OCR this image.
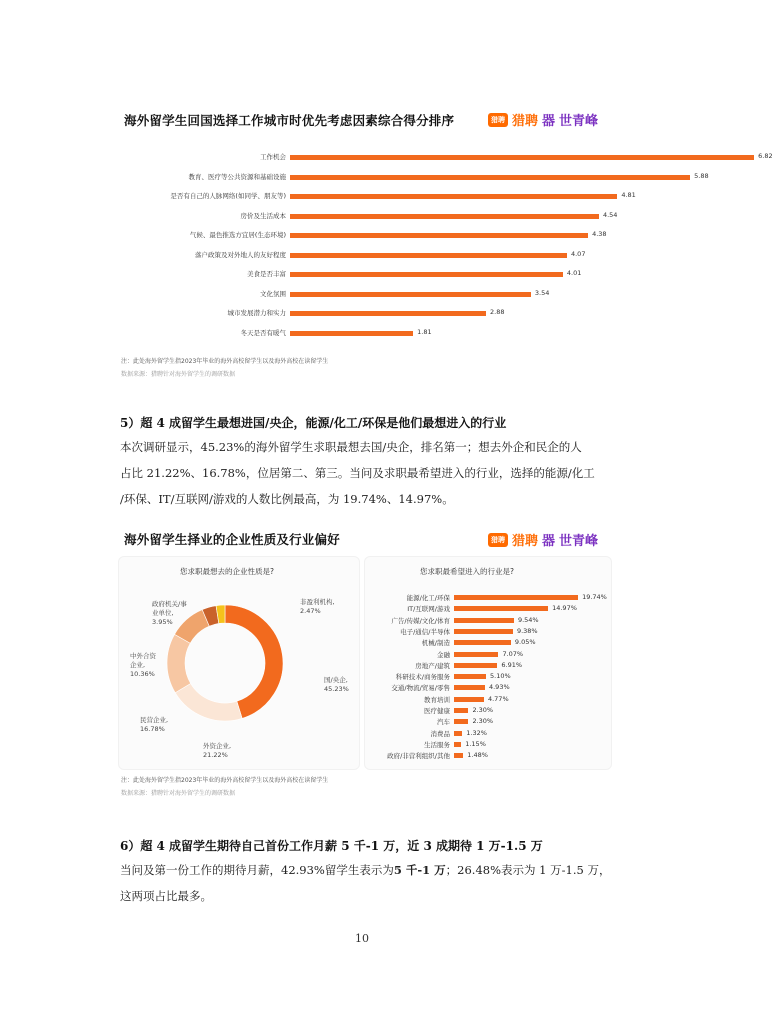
海外留学生回国选择工作城市时优先考虑因素综合得分排序	猎聘 猎聘 器 世青峰
工作机会	6.82
教育、医疗等公共资源和基础设施	5.88
是否有自己的人脉网络(如同学、朋友等)	4.81
房价及生活成本	4.54
气候、最色推选方宜居(生态环境)	4.38
落户政策及对外地人的友好程度	4.07
美食是否丰富	4.01
文化氛围	3.54
城市发展潜力和实力	2.88
冬天是否有暖气	1.81
注：此处海外留学生指2023年毕业的海外高校留学生以及海外高校在读留学生
数据来源：猎聘针对海外留学生的调研数据
5）超 4 成留学生最想进国/央企，能源/化工/环保是他们最想进入的行业
本次调研显示，45.23%的海外留学生求职最想去国/央企，排名第一；想去外企和民企的人
占比 21.22%、16.78%，位居第二、第三。当问及求职最希望进入的行业，选择的能源/化工
/环保、IT/互联网/游戏的人数比例最高，为 19.74%、14.97%。
海外留学生择业的企业性质及行业偏好	猎聘 猎聘 器 世青峰
您求职最想去的企业性质是?	您求职最希望进入的行业是?
政府机关/事
业单位,
3.95%
非盈利机构,
2.47%
中外合资
企业,
10.36%
民营企业,
16.78%
外资企业,
21.22%
国/央企,
45.23%
能源/化工/环保	19.74%
IT/互联网/游戏	14.97%
广告/传媒/文化/体育	9.54%
电子/通信/半导体	9.38%
机械/制造	9.05%
金融	7.07%
房地产/建筑	6.91%
科研技术/商务服务	5.10%
交通/物流/贸易/零售	4.93%
教育培训	4.77%
医疗健康	2.30%
汽车	2.30%
消费品	1.32%
生活服务 1.15%
政府/非营利组织/其他	1.48%
注：此处海外留学生指2023年毕业的海外高校留学生以及海外高校在读留学生
数据来源：猎聘针对海外留学生的调研数据
6）超 4 成留学生期待自己首份工作月薪 5 千-1 万，近 3 成期待 1 万-1.5 万
当问及第一份工作的期待月薪，42.93%留学生表示为5 千-1 万；26.48%表示为 1 万-1.5 万，
这两项占比最多。
10
